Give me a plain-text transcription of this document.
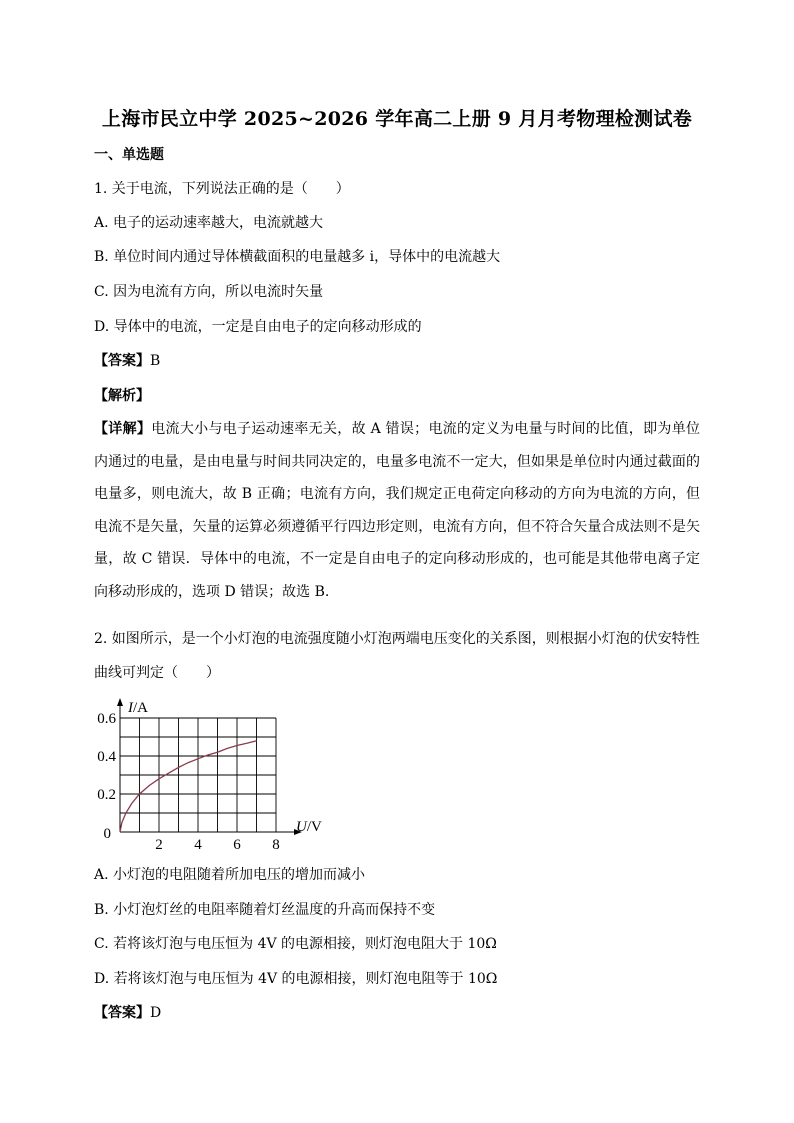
上海市民立中学 2025~2026 学年高二上册 9 月月考物理检测试卷
一、单选题
1. 关于电流，下列说法正确的是（　　）
A. 电子的运动速率越大，电流就越大
B. 单位时间内通过导体横截面积的电量越多 i，导体中的电流越大
C. 因为电流有方向，所以电流时矢量
D. 导体中的电流，一定是自由电子的定向移动形成的
【答案】B
【解析】
【详解】电流大小与电子运动速率无关，故 A 错误；电流的定义为电量与时间的比值，即为单位内通过的电量，是由电量与时间共同决定的，电量多电流不一定大，但如果是单位时内通过截面的电量多，则电流大，故 B 正确；电流有方向，我们规定正电荷定向移动的方向为电流的方向，但电流不是矢量，矢量的运算必须遵循平行四边形定则，电流有方向，但不符合矢量合成法则不是矢量，故 C 错误．导体中的电流，不一定是自由电子的定向移动形成的，也可能是其他带电离子定向移动形成的，选项 D 错误；故选 B.
2. 如图所示，是一个小灯泡的电流强度随小灯泡两端电压变化的关系图，则根据小灯泡的伏安特性
曲线可判定（　　）
2 4 6 8
0.2
0.4
0.6
0
I/A
U/V
A. 小灯泡的电阻随着所加电压的增加而减小
B. 小灯泡灯丝的电阻率随着灯丝温度的升高而保持不变
C. 若将该灯泡与电压恒为 4V 的电源相接，则灯泡电阻大于 10Ω
D. 若将该灯泡与电压恒为 4V 的电源相接，则灯泡电阻等于 10Ω
【答案】D
